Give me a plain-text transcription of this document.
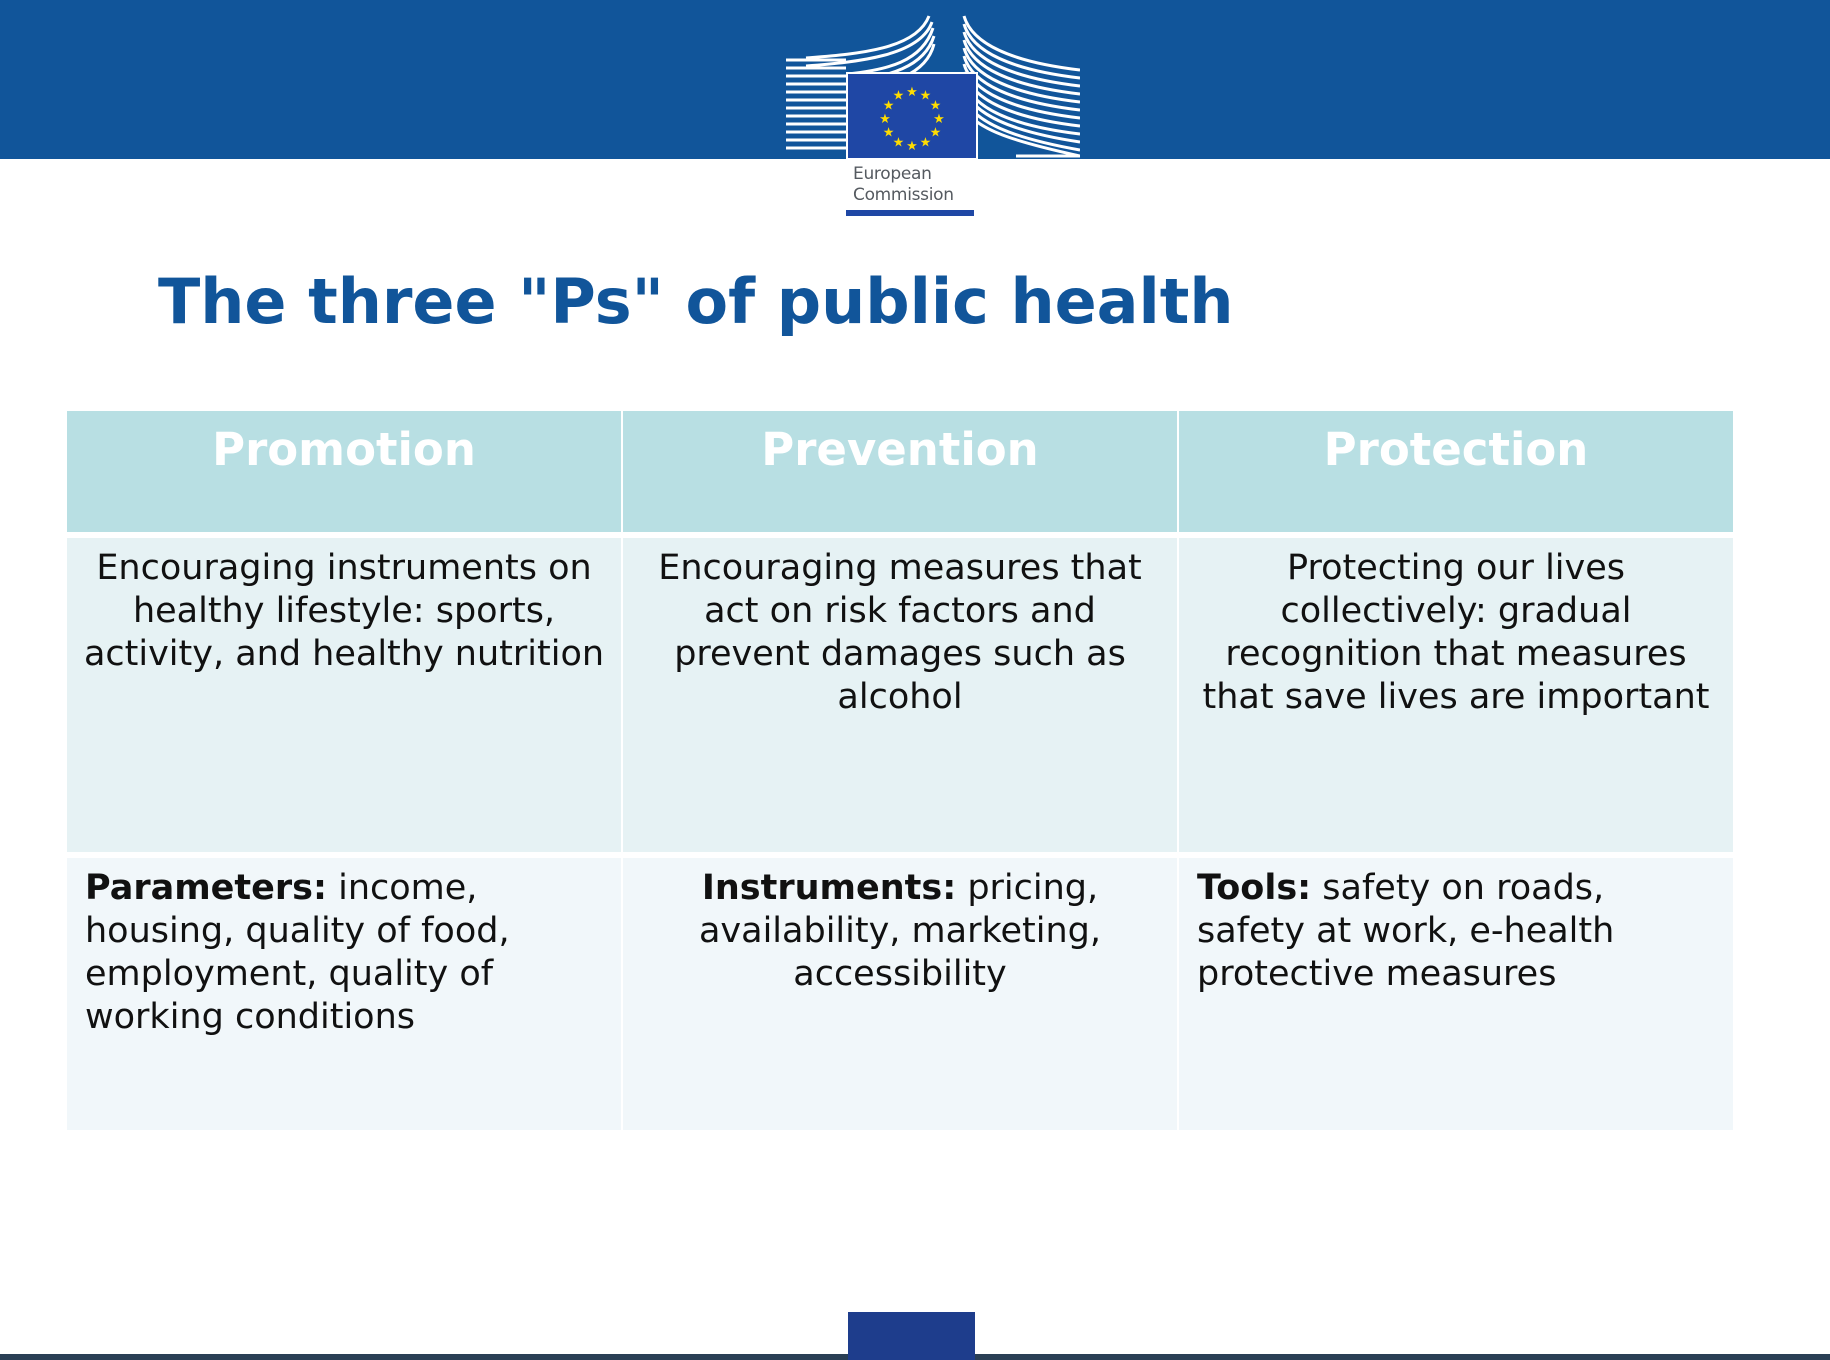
★ ★
★
★
★
★
★
★
★
★
★
★
European
Commission
The three "Ps" of public health
Promotion	Prevention	Protection
Encouraging instruments on healthy lifestyle: sports, activity, and healthy nutrition
Encouraging measures that act on risk factors and prevent damages such as alcohol
Protecting our lives collectively: gradual recognition that measures that save lives are important
Parameters: income, housing, quality of food, employment, quality of working conditions
Instruments: pricing, availability, marketing, accessibility
Tools: safety on roads, safety at work, e-health protective measures
